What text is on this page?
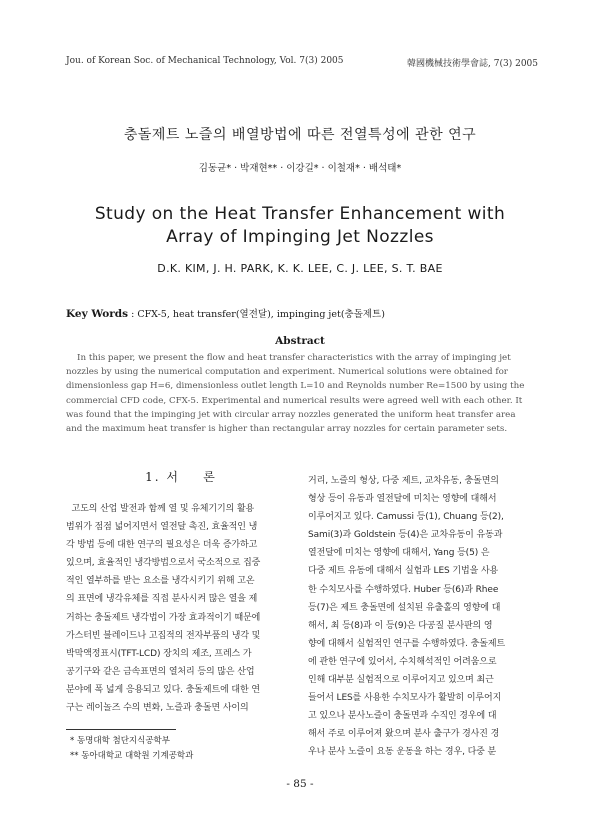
Jou. of Korean Soc. of Mechanical Technology, Vol. 7(3) 2005	韓國機械技術學會誌, 7(3) 2005
충돌제트 노즐의 배열방법에 따른 전열특성에 관한 연구
김동균* · 박재현** · 이강길* · 이철재* · 배석태*
Study on the Heat Transfer Enhancement with
Array of Impinging Jet Nozzles
D.K. KIM, J. H. PARK, K. K. LEE, C. J. LEE, S. T. BAE
Key Words : CFX-5, heat transfer(열전달), impinging jet(충돌제트)
Abstract
In this paper, we present the flow and heat transfer characteristics with the array of impinging jet
nozzles by using the numerical computation and experiment. Numerical solutions were obtained for
dimensionless gap H=6, dimensionless outlet length L=10 and Reynolds number Re=1500 by using the
commercial CFD code, CFX-5. Experimental and numerical results were agreed well with each other. It
was found that the impinging jet with circular array nozzles generated the uniform heat transfer area
and the maximum heat transfer is higher than rectangular array nozzles for certain parameter sets.
1. 서    론
고도의 산업 발전과 함께 열 및 유체기기의 활용
범위가 점점 넓어지면서 열전달 촉진, 효율적인 냉
각 방법 등에 대한 연구의 필요성은 더욱 증가하고
있으며, 효율적인 냉각방법으로서 국소적으로 집중
적인 열부하를 받는 요소를 냉각시키기 위해 고온
의 표면에 냉각유체를 직접 분사시켜 많은 열을 제
거하는 충돌제트 냉각법이 가장 효과적이기 때문에
가스터빈 블레이드나 고집적의 전자부품의 냉각 및
박막액정표시(TFT-LCD) 장치의 제조, 프레스 가
공기구와 같은 금속표면의 열처리 등의 많은 산업
분야에 폭 넓게 응용되고 있다. 충돌제트에 대한 연
구는 레이놀즈 수의 변화, 노즐과 충돌면 사이의
거리, 노즐의 형상, 다중 제트, 교차유동, 충돌면의
형상 등이 유동과 열전달에 미치는 영향에 대해서
이루어지고 있다. Camussi 등(1), Chuang 등(2),
Sami(3)과 Goldstein 등(4)은 교차유동이 유동과
열전달에 미치는 영향에 대해서, Yang 등(5) 은
다중 제트 유동에 대해서 실험과 LES 기법을 사용
한 수치모사를 수행하였다. Huber 등(6)과 Rhee
등(7)은 제트 충돌면에 설치된 유출홀의 영향에 대
해서, 최 등(8)과 이 등(9)은 다공질 분사판의 영
향에 대해서 실험적인 연구를 수행하였다. 충돌제트
에 관한 연구에 있어서, 수치해석적인 어려움으로
인해 대부분 실험적으로 이루어지고 있으며 최근
들어서 LES를 사용한 수치모사가 활발히 이루어지
고 있으나 분사노즐이 충돌면과 수직인 경우에 대
해서 주로 이루어져 왔으며 분사 출구가 경사진 경
우나 분사 노즐이 요동 운동을 하는 경우, 다중 분
* 동명대학 첨단지식공학부
** 동아대학교 대학원 기계공학과
- 85 -
